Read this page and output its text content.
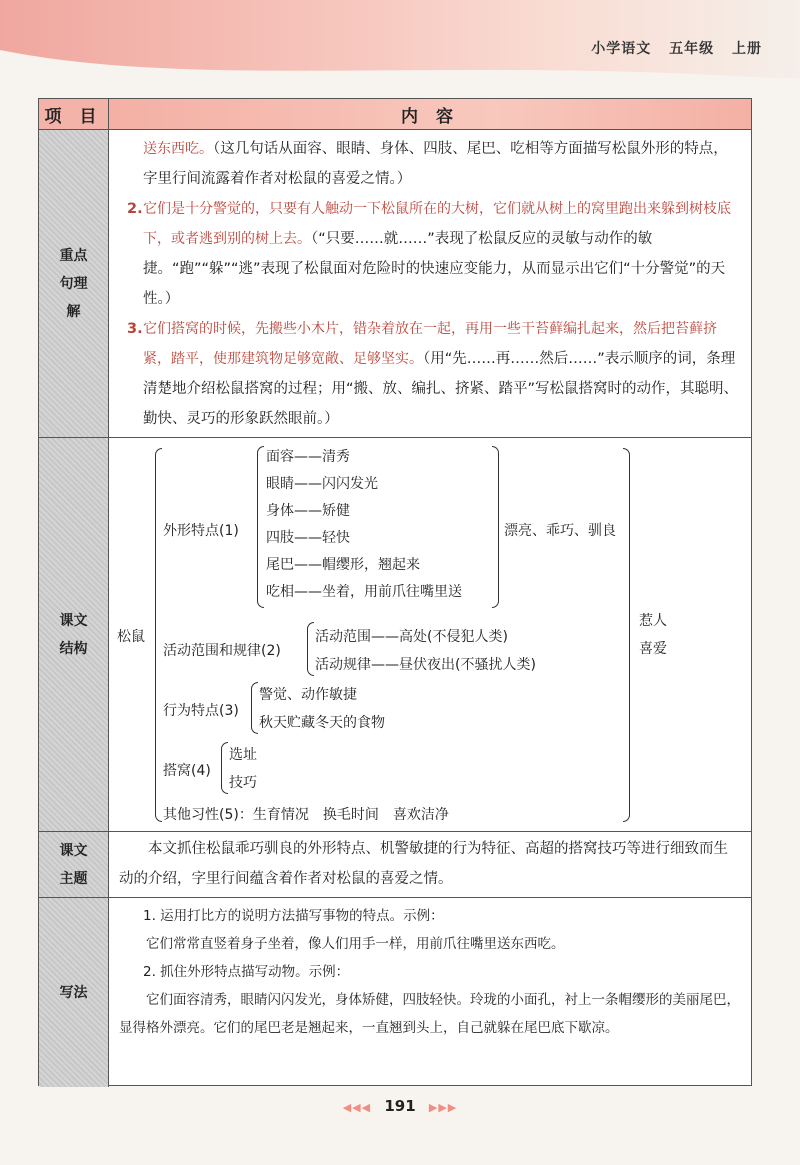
小学语文 五年级 上册
项 目	内 容
重点句理解
送东西吃。（这几句话从面容、眼睛、身体、四肢、尾巴、吃相等方面描写松鼠外形的特点，字里行间流露着作者对松鼠的喜爱之情。）
2. 它们是十分警觉的，只要有人触动一下松鼠所在的大树，它们就从树上的窝里跑出来躲到树枝底下，或者逃到别的树上去。（“只要……就……”表现了松鼠反应的灵敏与动作的敏捷。“跑”“躲”“逃”表现了松鼠面对危险时的快速应变能力，从而显示出它们“十分警觉”的天性。）
3. 它们搭窝的时候，先搬些小木片，错杂着放在一起，再用一些干苔藓编扎起来，然后把苔藓挤紧，踏平，使那建筑物足够宽敞、足够坚实。（用“先……再……然后……”表示顺序的词，条理清楚地介绍松鼠搭窝的过程；用“搬、放、编扎、挤紧、踏平”写松鼠搭窝时的动作，其聪明、勤快、灵巧的形象跃然眼前。）
课文结构
松鼠
外形特点(1)
面容——清秀
眼睛——闪闪发光
身体——矫健
四肢——轻快
尾巴——帽缨形，翘起来
吃相——坐着，用前爪往嘴里送
漂亮、乖巧、驯良
活动范围和规律(2)
活动范围——高处(不侵犯人类)
活动规律——昼伏夜出(不骚扰人类)
行为特点(3)
警觉、动作敏捷
秋天贮藏冬天的食物
搭窝(4)
选址
技巧
其他习性(5)：生育情况　换毛时间　喜欢洁净
惹人
喜爱
课文主题
本文抓住松鼠乖巧驯良的外形特点、机警敏捷的行为特征、高超的搭窝技巧等进行细致而生动的介绍，字里行间蕴含着作者对松鼠的喜爱之情。
写法
1. 运用打比方的说明方法描写事物的特点。示例：
它们常常直竖着身子坐着，像人们用手一样，用前爪往嘴里送东西吃。
2. 抓住外形特点描写动物。示例：
它们面容清秀，眼睛闪闪发光，身体矫健，四肢轻快。玲珑的小面孔，衬上一条帽缨形的美丽尾巴，显得格外漂亮。它们的尾巴老是翘起来，一直翘到头上，自己就躲在尾巴底下歇凉。
◀◀◀ 191 ▶▶▶
